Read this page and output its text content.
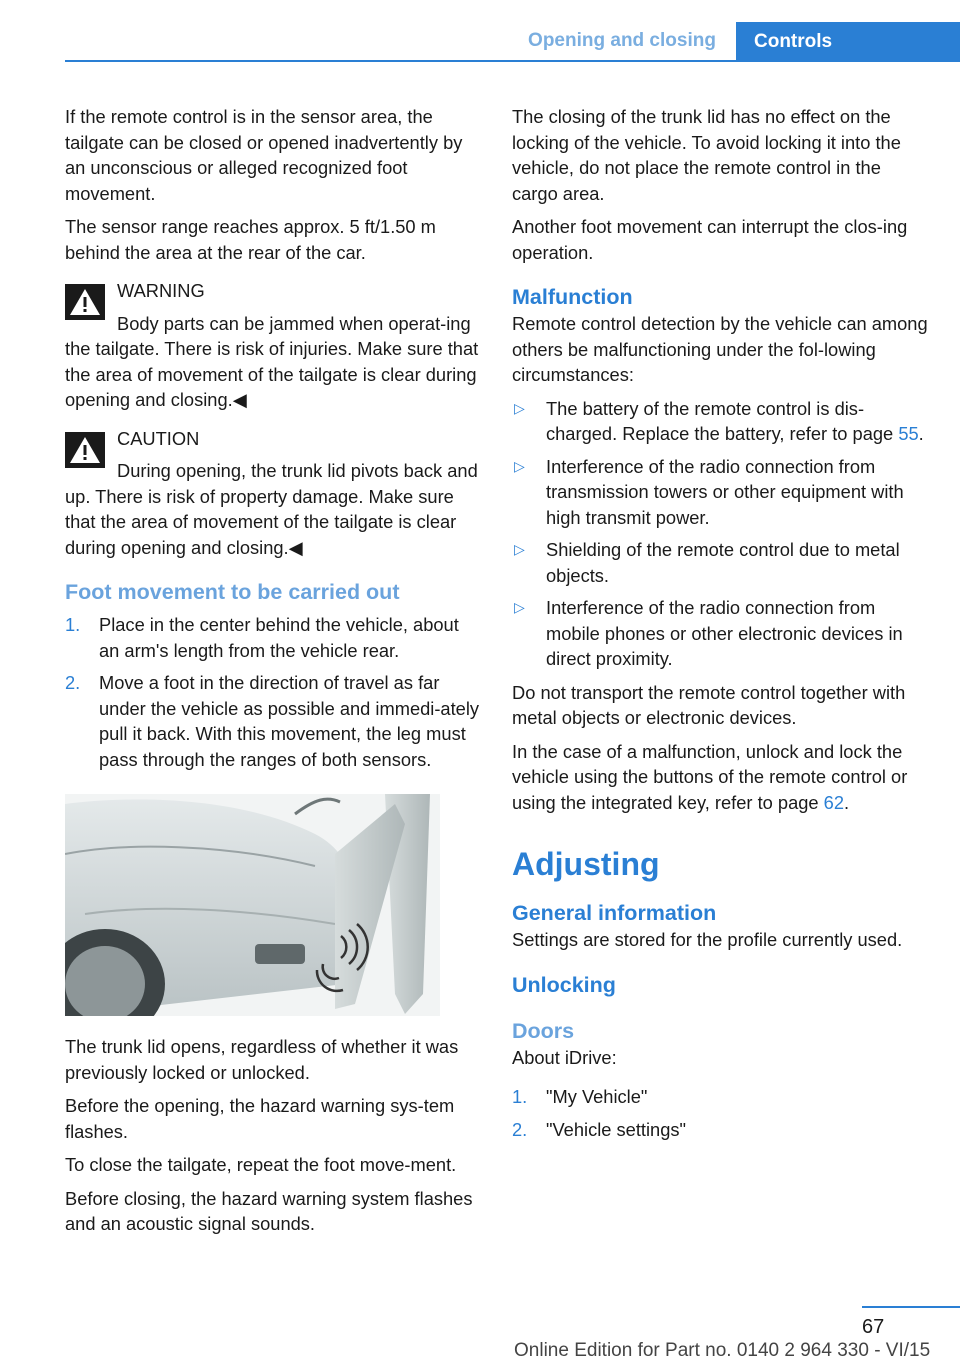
Opening and closing	Controls

If the remote control is in the sensor area, the tailgate can be closed or opened inadvertently by an unconscious or alleged recognized foot movement.

The sensor range reaches approx. 5 ft/1.50 m behind the area at the rear of the car.

WARNING

Body parts can be jammed when operat‐ing the tailgate. There is risk of injuries. Make sure that the area of movement of the tailgate is clear during opening and closing.◀

CAUTION

During opening, the trunk lid pivots back and up. There is risk of property damage. Make sure that the area of movement of the tailgate is clear during opening and closing.◀

Foot movement to be carried out
1. Place in the center behind the vehicle, about an arm's length from the vehicle rear.
2. Move a foot in the direction of travel as far under the vehicle as possible and immedi‐ately pull it back. With this movement, the leg must pass through the ranges of both sensors.

The trunk lid opens, regardless of whether it was previously locked or unlocked.

Before the opening, the hazard warning sys‐tem flashes.

To close the tailgate, repeat the foot move‐ment.

Before closing, the hazard warning system flashes and an acoustic signal sounds.

The closing of the trunk lid has no effect on the locking of the vehicle. To avoid locking it into the vehicle, do not place the remote control in the cargo area.

Another foot movement can interrupt the clos‐ing operation.

Malfunction

Remote control detection by the vehicle can among others be malfunctioning under the fol‐lowing circumstances:

▷ The battery of the remote control is dis‐charged. Replace the battery, refer to page 55.
▷ Interference of the radio connection from transmission towers or other equipment with high transmit power.
▷ Shielding of the remote control due to metal objects.
▷ Interference of the radio connection from mobile phones or other electronic devices in direct proximity.

Do not transport the remote control together with metal objects or electronic devices.

In the case of a malfunction, unlock and lock the vehicle using the buttons of the remote control or using the integrated key, refer to page 62.

Adjusting
General information

Settings are stored for the profile currently used.

Unlocking
Doors

About iDrive:

1. "My Vehicle"
2. "Vehicle settings"
67
Online Edition for Part no. 0140 2 964 330 - VI/15
